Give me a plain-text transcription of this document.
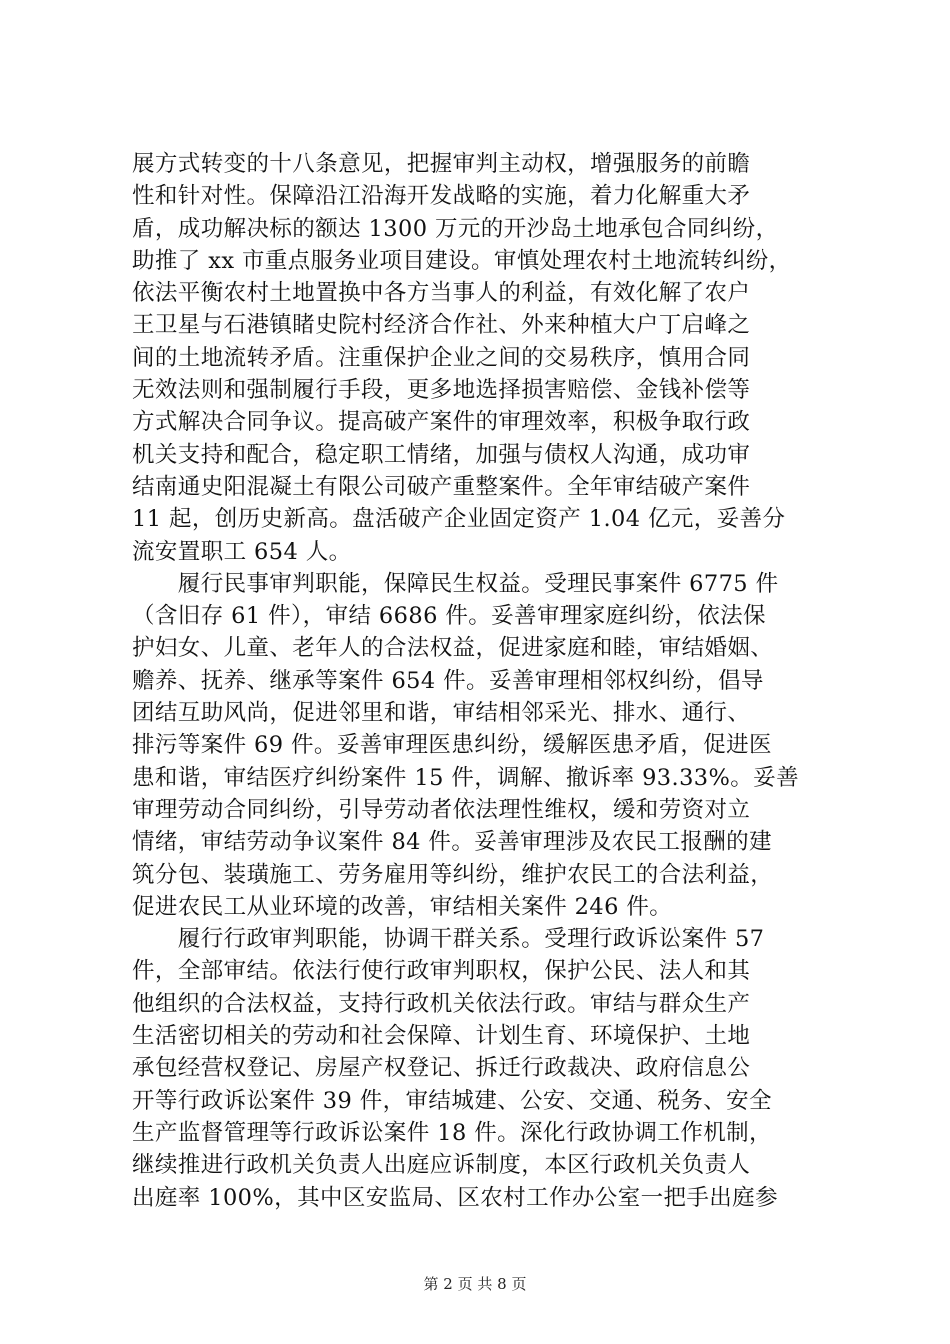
展方式转变的十八条意见，把握审判主动权，增强服务的前瞻
性和针对性。保障沿江沿海开发战略的实施，着力化解重大矛
盾，成功解决标的额达 1300 万元的开沙岛土地承包合同纠纷，
助推了 xx 市重点服务业项目建设。审慎处理农村土地流转纠纷，
依法平衡农村土地置换中各方当事人的利益，有效化解了农户
王卫星与石港镇睹史院村经济合作社、外来种植大户丁启峰之
间的土地流转矛盾。注重保护企业之间的交易秩序，慎用合同
无效法则和强制履行手段，更多地选择损害赔偿、金钱补偿等
方式解决合同争议。提高破产案件的审理效率，积极争取行政
机关支持和配合，稳定职工情绪，加强与债权人沟通，成功审
结南通史阳混凝土有限公司破产重整案件。全年审结破产案件
11 起，创历史新高。盘活破产企业固定资产 1.04 亿元，妥善分
流安置职工 654 人。
　　履行民事审判职能，保障民生权益。受理民事案件 6775 件
（含旧存 61 件），审结 6686 件。妥善审理家庭纠纷，依法保
护妇女、儿童、老年人的合法权益，促进家庭和睦，审结婚姻、
赡养、抚养、继承等案件 654 件。妥善审理相邻权纠纷，倡导
团结互助风尚，促进邻里和谐，审结相邻采光、排水、通行、
排污等案件 69 件。妥善审理医患纠纷，缓解医患矛盾，促进医
患和谐，审结医疗纠纷案件 15 件，调解、撤诉率 93.33%。妥善
审理劳动合同纠纷，引导劳动者依法理性维权，缓和劳资对立
情绪，审结劳动争议案件 84 件。妥善审理涉及农民工报酬的建
筑分包、装璜施工、劳务雇用等纠纷，维护农民工的合法利益，
促进农民工从业环境的改善，审结相关案件 246 件。
　　履行行政审判职能，协调干群关系。受理行政诉讼案件 57
件，全部审结。依法行使行政审判职权，保护公民、法人和其
他组织的合法权益，支持行政机关依法行政。审结与群众生产
生活密切相关的劳动和社会保障、计划生育、环境保护、土地
承包经营权登记、房屋产权登记、拆迁行政裁决、政府信息公
开等行政诉讼案件 39 件，审结城建、公安、交通、税务、安全
生产监督管理等行政诉讼案件 18 件。深化行政协调工作机制，
继续推进行政机关负责人出庭应诉制度，本区行政机关负责人
出庭率 100%，其中区安监局、区农村工作办公室一把手出庭参
第 2 页 共 8 页
